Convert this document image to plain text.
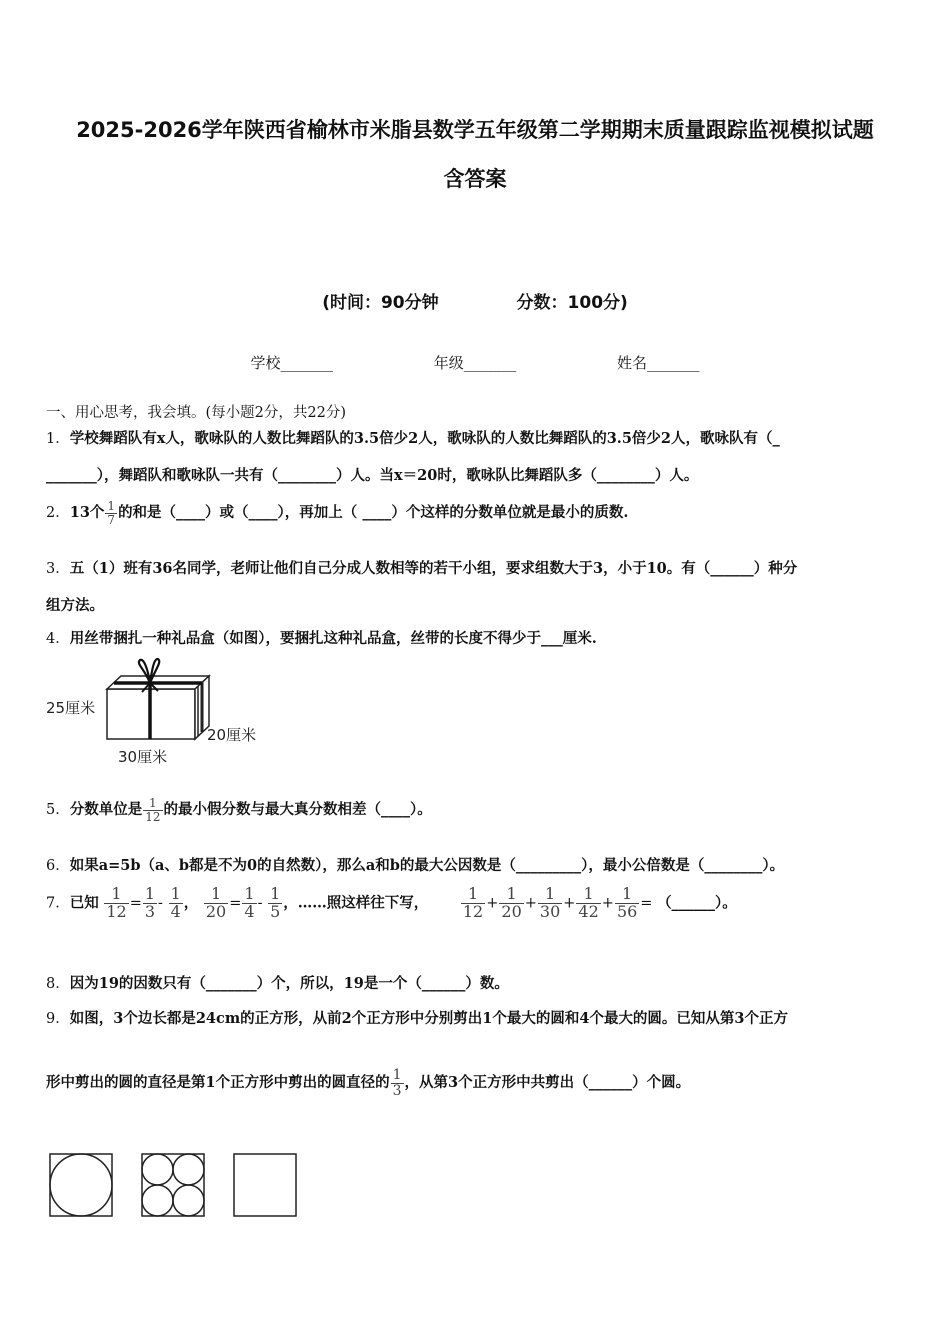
2025-2026学年陕西省榆林市米脂县数学五年级第二学期期末质量跟踪监视模拟试题
含答案
(时间：90分钟	分数：100分)
学校_______	年级_______	姓名_______
一、用心思考，我会填。(每小题2分，共22分)
1．学校舞蹈队有x人，歌咏队的人数比舞蹈队的3.5倍少2人，歌咏队的人数比舞蹈队的3.5倍少2人，歌咏队有（_
_______），舞蹈队和歌咏队一共有（________）人。当x＝20时，歌咏队比舞蹈队多（________）人。
2．13个 $\frac{1}{7}$ 的和是（____）或（____），再加上（ ____）个这样的分数单位就是最小的质数.
3．五（1）班有36名同学，老师让他们自己分成人数相等的若干小组，要求组数大于3，小于10。有（______）种分
组方法。
4．用丝带捆扎一种礼品盒（如图），要捆扎这种礼品盒，丝带的长度不得少于___厘米.
25厘米
30厘米
20厘米
5．分数单位是 $\frac{1}{12}$ 的最小假分数与最大真分数相差（____）。
6．如果a=5b（a、b都是不为0的自然数），那么a和b的最大公因数是（_________），最小公倍数是（________）。
7．已知 $\frac{1}{12} = \frac{1}{3} - \frac{1}{4}$ ， $\frac{1}{20} = \frac{1}{4} - \frac{1}{5}$ ，……照这样往下写， $\frac{1}{12} + \frac{1}{20} + \frac{1}{30} + \frac{1}{42} + \frac{1}{56}$ = （______）。
8．因为19的因数只有（_______）个，所以，19是一个（______）数。
9．如图，3个边长都是24cm的正方形，从前2个正方形中分别剪出1个最大的圆和4个最大的圆。已知从第3个正方
形中剪出的圆的直径是第1个正方形中剪出的圆直径的 $\frac{1}{3}$ ，从第3个正方形中共剪出（______）个圆。
